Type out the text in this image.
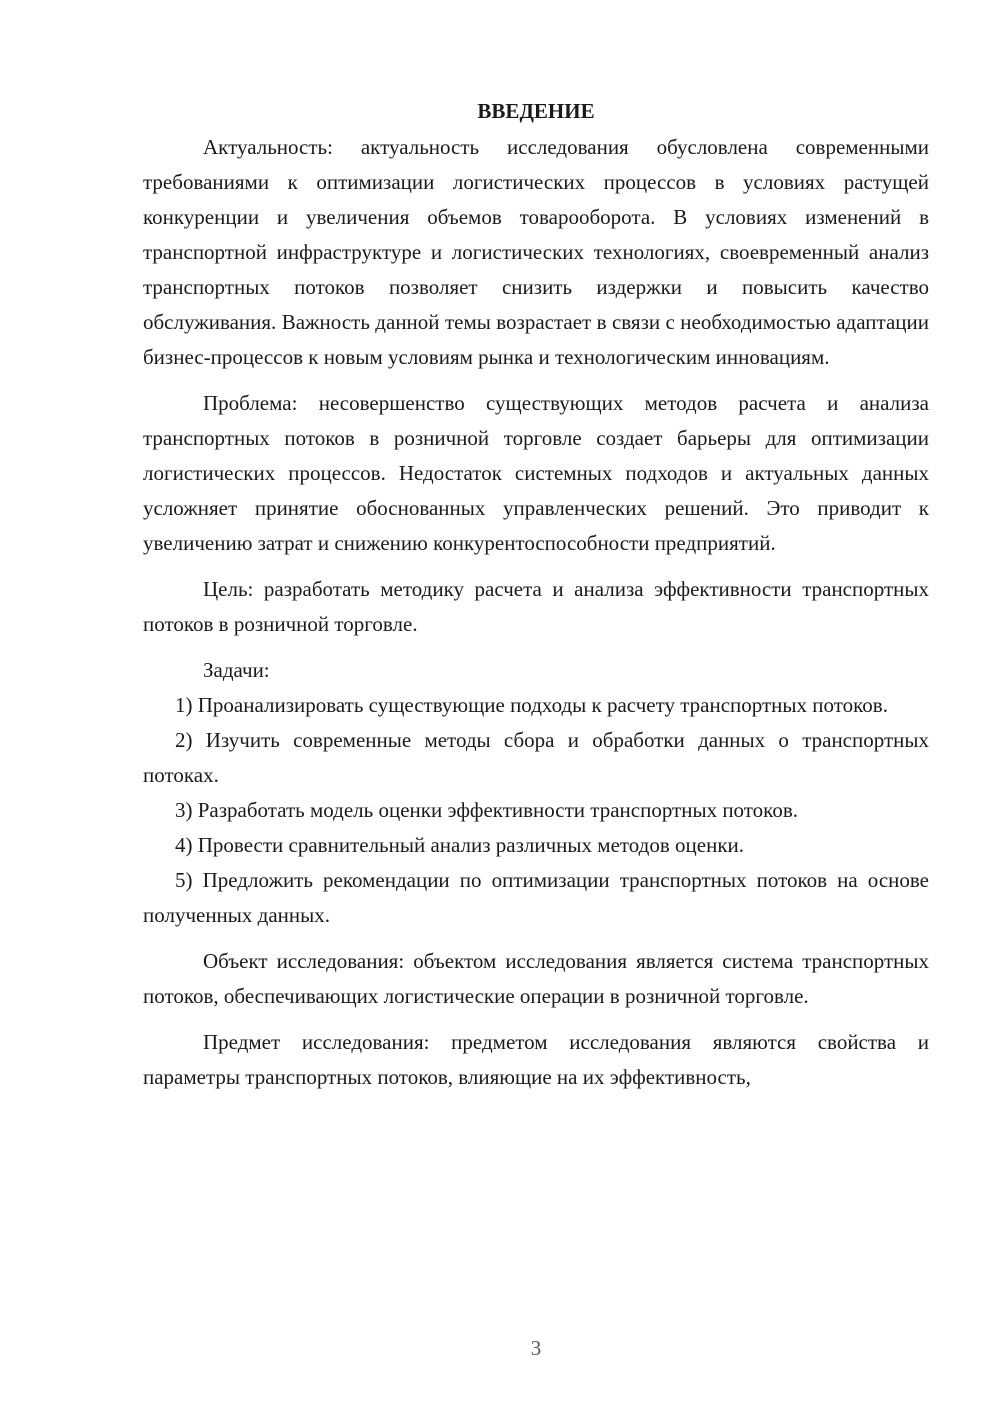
ВВЕДЕНИЕ

Актуальность: актуальность исследования обусловлена современными требованиями к оптимизации логистических процессов в условиях растущей конкуренции и увеличения объемов товарооборота. В условиях изменений в транспортной инфраструктуре и логистических технологиях, своевременный анализ транспортных потоков позволяет снизить издержки и повысить качество обслуживания. Важность данной темы возрастает в связи с необходимостью адаптации бизнес-процессов к новым условиям рынка и технологическим инновациям.

Проблема: несовершенство существующих методов расчета и анализа транспортных потоков в розничной торговле создает барьеры для оптимизации логистических процессов. Недостаток системных подходов и актуальных данных усложняет принятие обоснованных управленческих решений. Это приводит к увеличению затрат и снижению конкурентоспособности предприятий.

Цель: разработать методику расчета и анализа эффективности транспортных потоков в розничной торговле.

Задачи:

1) Проанализировать существующие подходы к расчету транспортных потоков.

2) Изучить современные методы сбора и обработки данных о транспортных потоках.

3) Разработать модель оценки эффективности транспортных потоков.

4) Провести сравнительный анализ различных методов оценки.

5) Предложить рекомендации по оптимизации транспортных потоков на основе полученных данных.

Объект исследования: объектом исследования является система транспортных потоков, обеспечивающих логистические операции в розничной торговле.

Предмет исследования: предметом исследования являются свойства и параметры транспортных потоков, влияющие на их эффективность,

3
